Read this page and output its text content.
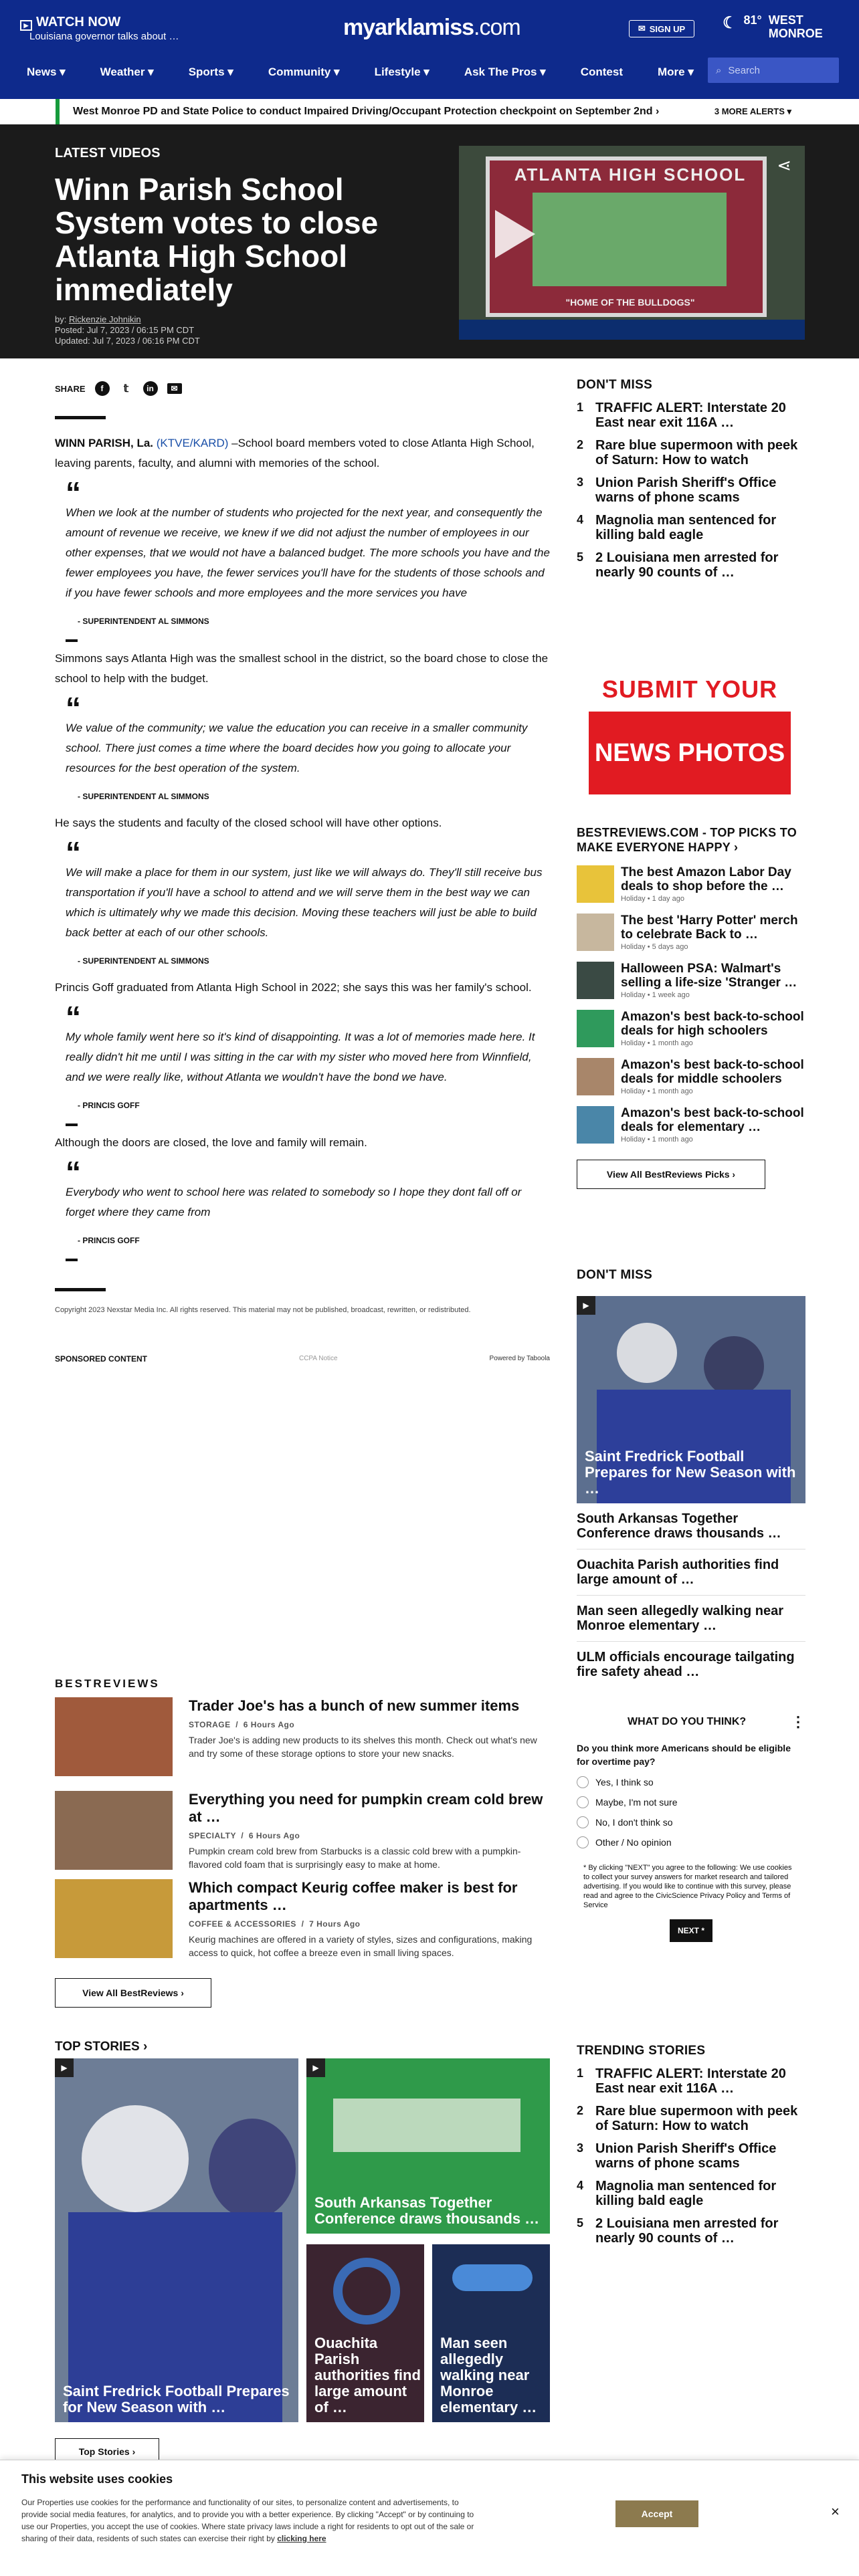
▶ WATCH NOW
Louisiana governor talks about …	myarklamiss.com	✉ SIGN UP ☾ 81° WEST
MONROE
News ▾	Weather ▾	Sports ▾	Community ▾	Lifestyle ▾	Ask The Pros ▾	Contest	More ▾ ⌕ Search
West Monroe PD and State Police to conduct Impaired Driving/Occupant Protection checkpoint on September 2nd ›	3 MORE ALERTS ▾
LATEST VIDEOS
Winn Parish School System votes to close Atlanta High School immediately
by: Rickenzie Johnikin
Posted: Jul 7, 2023 / 06:15 PM CDT
Updated: Jul 7, 2023 / 06:16 PM CDT
ATLANTA HIGH SCHOOL
"HOME OF THE BULLDOGS"
⋖
SHARE	f	𝕥	in	✉

WINN PARISH, La. (KTVE/KARD) –School board members voted to close Atlanta High School, leaving parents, faculty, and alumni with memories of the school.

“
When we look at the number of students who projected for the next year, and consequently the amount of revenue we receive, we knew if we did not adjust the number of employees in our other expenses, that we would not have a balanced budget. The more schools you have and the fewer employees you have, the fewer services you'll have for the students of those schools and if you have fewer schools and more employees and the more services you have
- SUPERINTENDENT AL SIMMONS

Simmons says Atlanta High was the smallest school in the district, so the board chose to close the school to help with the budget.

“
We value of the community; we value the education you can receive in a smaller community school. There just comes a time where the board decides how you going to allocate your resources for the best operation of the system.
- SUPERINTENDENT AL SIMMONS

He says the students and faculty of the closed school will have other options.

“
We will make a place for them in our system, just like we will always do. They'll still receive bus transportation if you'll have a school to attend and we will serve them in the best way we can which is ultimately why we made this decision. Moving these teachers will just be able to build back better at each of our other schools.
- SUPERINTENDENT AL SIMMONS

Princis Goff graduated from Atlanta High School in 2022; she says this was her family's school.

“
My whole family went here so it's kind of disappointing. It was a lot of memories made here. It really didn't hit me until I was sitting in the car with my sister who moved here from Winnfield, and we were really like, without Atlanta we wouldn't have the bond we have.
- PRINCIS GOFF

Although the doors are closed, the love and family will remain.

“
Everybody who went to school here was related to somebody so I hope they dont fall off or forget where they came from
- PRINCIS GOFF
Copyright 2023 Nexstar Media Inc. All rights reserved. This material may not be published, broadcast, rewritten, or redistributed.
SPONSORED CONTENT	CCPA Notice	Powered by Taboola
DON'T MISS
1 TRAFFIC ALERT: Interstate 20 East near exit 116A …
2 Rare blue supermoon with peek of Saturn: How to watch
3 Union Parish Sheriff's Office warns of phone scams
4 Magnolia man sentenced for killing bald eagle
5 2 Louisiana men arrested for nearly 90 counts of …
SUBMIT YOUR
NEWS PHOTOS
BESTREVIEWS.COM - TOP PICKS TO MAKE EVERYONE HAPPY ›
The best Amazon Labor Day deals to shop before the …
Holiday • 1 day ago
The best 'Harry Potter' merch to celebrate Back to …
Holiday • 5 days ago
Halloween PSA: Walmart's selling a life-size 'Stranger …
Holiday • 1 week ago
Amazon's best back-to-school deals for high schoolers
Holiday • 1 month ago
Amazon's best back-to-school deals for middle schoolers
Holiday • 1 month ago
Amazon's best back-to-school deals for elementary …
Holiday • 1 month ago
View All BestReviews Picks ›
DON'T MISS
▶
Saint Fredrick Football Prepares for New Season with …
South Arkansas Together Conference draws thousands …
Ouachita Parish authorities find large amount of …
Man seen allegedly walking near Monroe elementary …
ULM officials encourage tailgating fire safety ahead …
BESTREVIEWS
Trader Joe's has a bunch of new summer items
STORAGE  /  6 Hours Ago
Trader Joe's is adding new products to its shelves this month. Check out what's new and try some of these storage options to store your new snacks.
Everything you need for pumpkin cream cold brew at …
SPECIALTY  /  6 Hours Ago
Pumpkin cream cold brew from Starbucks is a classic cold brew with a pumpkin-flavored cold foam that is surprisingly easy to make at home.
Which compact Keurig coffee maker is best for apartments …
COFFEE & ACCESSORIES  /  7 Hours Ago
Keurig machines are offered in a variety of styles, sizes and configurations, making access to quick, hot coffee a breeze even in small living spaces.
View All BestReviews ›
WHAT DO YOU THINK?	⋮
Do you think more Americans should be eligible for overtime pay?
Yes, I think so
Maybe, I'm not sure
No, I don't think so
Other / No opinion
* By clicking "NEXT" you agree to the following: We use cookies to collect your survey answers for market research and tailored advertising. If you would like to continue with this survey, please read and agree to the CivicScience Privacy Policy and Terms of Service
NEXT *
TOP STORIES ›
▶
Saint Fredrick Football Prepares for New Season with …
▶
South Arkansas Together Conference draws thousands …
Ouachita Parish authorities find large amount of …
Man seen allegedly walking near Monroe elementary …
Top Stories ›
TRENDING STORIES
1 TRAFFIC ALERT: Interstate 20 East near exit 116A …
2 Rare blue supermoon with peek of Saturn: How to watch
3 Union Parish Sheriff's Office warns of phone scams
4 Magnolia man sentenced for killing bald eagle
5 2 Louisiana men arrested for nearly 90 counts of …
This website uses cookies
Our Properties use cookies for the performance and functionality of our sites, to personalize content and advertisements, to provide social media features, for analytics, and to provide you with a better experience. By clicking "Accept" or by continuing to use our Properties, you accept the use of cookies. Where state privacy laws include a right for residents to opt out of the sale or sharing of their data, residents of such states can exercise their right by clicking here
Accept	×
